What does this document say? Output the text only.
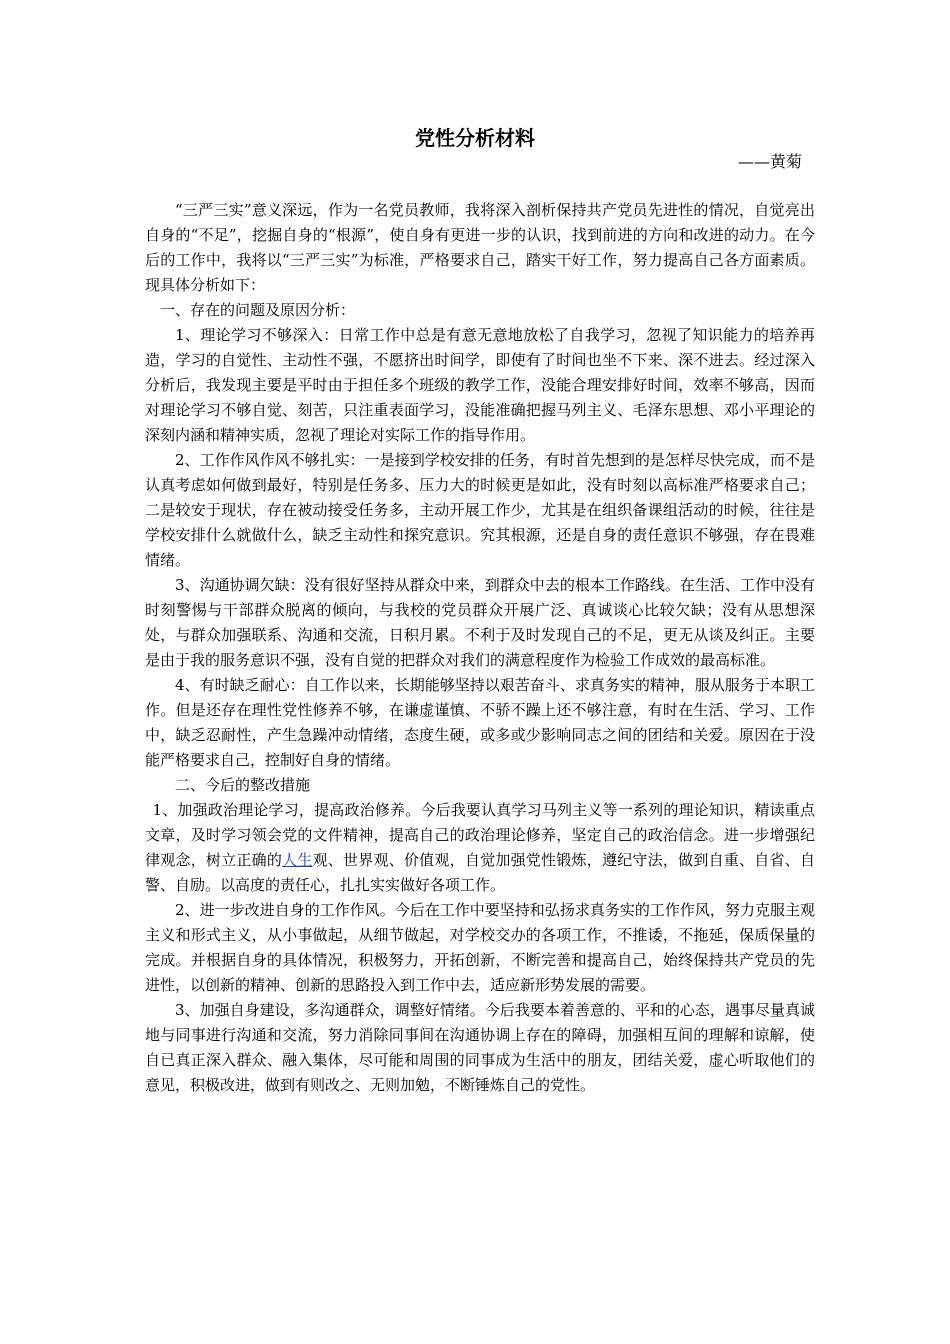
党性分析材料
——黄菊

“三严三实”意义深远，作为一名党员教师，我将深入剖析保持共产党员先进性的情况，自觉亮出自身的“不足”，挖掘自身的“根源”，使自身有更进一步的认识，找到前进的方向和改进的动力。在今后的工作中，我将以“三严三实”为标准，严格要求自己，踏实干好工作，努力提高自己各方面素质。现具体分析如下：

一、存在的问题及原因分析：

1、理论学习不够深入：日常工作中总是有意无意地放松了自我学习，忽视了知识能力的培养再造，学习的自觉性、主动性不强，不愿挤出时间学，即使有了时间也坐不下来、深不进去。经过深入分析后，我发现主要是平时由于担任多个班级的教学工作，没能合理安排好时间，效率不够高，因而对理论学习不够自觉、刻苦，只注重表面学习，没能准确把握马列主义、毛泽东思想、邓小平理论的深刻内涵和精神实质，忽视了理论对实际工作的指导作用。

2、工作作风作风不够扎实：一是接到学校安排的任务，有时首先想到的是怎样尽快完成，而不是认真考虑如何做到最好，特别是任务多、压力大的时候更是如此，没有时刻以高标准严格要求自己；二是较安于现状，存在被动接受任务多，主动开展工作少，尤其是在组织备课组活动的时候，往往是学校安排什么就做什么，缺乏主动性和探究意识。究其根源，还是自身的责任意识不够强，存在畏难情绪。

3、沟通协调欠缺：没有很好坚持从群众中来，到群众中去的根本工作路线。在生活、工作中没有时刻警惕与干部群众脱离的倾向，与我校的党员群众开展广泛、真诚谈心比较欠缺；没有从思想深处，与群众加强联系、沟通和交流，日积月累。不利于及时发现自己的不足，更无从谈及纠正。主要是由于我的服务意识不强，没有自觉的把群众对我们的满意程度作为检验工作成效的最高标准。

4、有时缺乏耐心：自工作以来，长期能够坚持以艰苦奋斗、求真务实的精神，服从服务于本职工作。但是还存在理性党性修养不够，在谦虚谨慎、不骄不躁上还不够注意，有时在生活、学习、工作中，缺乏忍耐性，产生急躁冲动情绪，态度生硬，或多或少影响同志之间的团结和关爱。原因在于没能严格要求自己，控制好自身的情绪。

二、今后的整改措施

1、加强政治理论学习，提高政治修养。今后我要认真学习马列主义等一系列的理论知识，精读重点文章，及时学习领会党的文件精神，提高自己的政治理论修养，坚定自己的政治信念。进一步增强纪律观念，树立正确的人生观、世界观、价值观，自觉加强党性锻炼，遵纪守法，做到自重、自省、自警、自励。以高度的责任心，扎扎实实做好各项工作。

2、进一步改进自身的工作作风。今后在工作中要坚持和弘扬求真务实的工作作风，努力克服主观主义和形式主义，从小事做起，从细节做起，对学校交办的各项工作，不推诿，不拖延，保质保量的完成。并根据自身的具体情况，积极努力，开拓创新，不断完善和提高自己，始终保持共产党员的先进性，以创新的精神、创新的思路投入到工作中去，适应新形势发展的需要。

3、加强自身建设，多沟通群众，调整好情绪。今后我要本着善意的、平和的心态，遇事尽量真诚地与同事进行沟通和交流，努力消除同事间在沟通协调上存在的障碍，加强相互间的理解和谅解，使自已真正深入群众、融入集体，尽可能和周围的同事成为生活中的朋友，团结关爱，虚心听取他们的意见，积极改进，做到有则改之、无则加勉，不断锤炼自己的党性。
